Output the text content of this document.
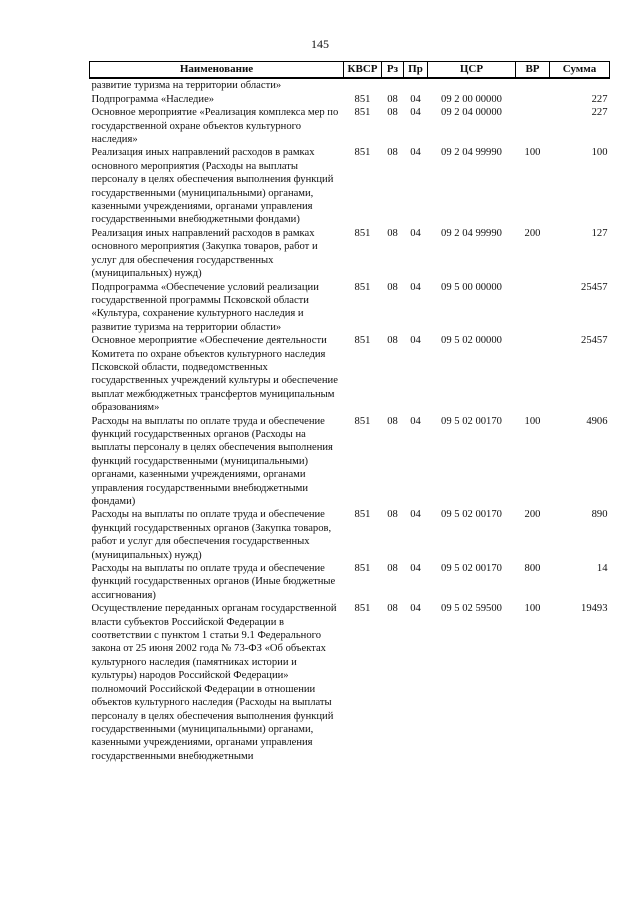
145
Наименование	КВСР	Рз	Пр	ЦСР	ВР	Сумма
развитие туризма на территории области»						
Подпрограмма «Наследие»	851	08	04	09 2 00 00000		227
Основное мероприятие «Реализация комплекса мер по государственной охране объектов культурного наследия»	851	08	04	09 2 04 00000		227
Реализация иных направлений расходов в рамках основного мероприятия (Расходы на выплаты персоналу в целях обеспечения выполнения функций государственными (муниципальными) органами, казенными учреждениями, органами управления государственными внебюджетными фондами)	851	08	04	09 2 04 99990	100	100
Реализация иных направлений расходов в рамках основного мероприятия (Закупка товаров, работ и услуг для обеспечения государственных (муниципальных) нужд)	851	08	04	09 2 04 99990	200	127
Подпрограмма «Обеспечение условий реализации государственной программы Псковской области «Культура, сохранение культурного наследия и развитие туризма на территории области»	851	08	04	09 5 00 00000		25457
Основное мероприятие «Обеспечение деятельности Комитета по охране объектов культурного наследия Псковской области, подведомственных государственных учреждений культуры и обеспечение выплат межбюджетных трансфертов муниципальным образованиям»	851	08	04	09 5 02 00000		25457
Расходы на выплаты по оплате труда и обеспечение функций государственных органов (Расходы на выплаты персоналу в целях обеспечения выполнения функций государственными (муниципальными) органами, казенными учреждениями, органами управления государственными внебюджетными фондами)	851	08	04	09 5 02 00170	100	4906
Расходы на выплаты по оплате труда и обеспечение функций государственных органов (Закупка товаров, работ и услуг для обеспечения государственных (муниципальных) нужд)	851	08	04	09 5 02 00170	200	890
Расходы на выплаты по оплате труда и обеспечение функций государственных органов (Иные бюджетные ассигнования)	851	08	04	09 5 02 00170	800	14
Осуществление переданных органам государственной власти субъектов Российской Федерации в соответствии с пунктом 1 статьи 9.1 Федерального закона от 25 июня 2002 года № 73-ФЗ «Об объектах культурного наследия (памятниках истории и культуры) народов Российской Федерации» полномочий Российской Федерации в отношении объектов культурного наследия (Расходы на выплаты персоналу в целях обеспечения выполнения функций государственными (муниципальными) органами, казенными учреждениями, органами управления государственными внебюджетными	851	08	04	09 5 02 59500	100	19493
